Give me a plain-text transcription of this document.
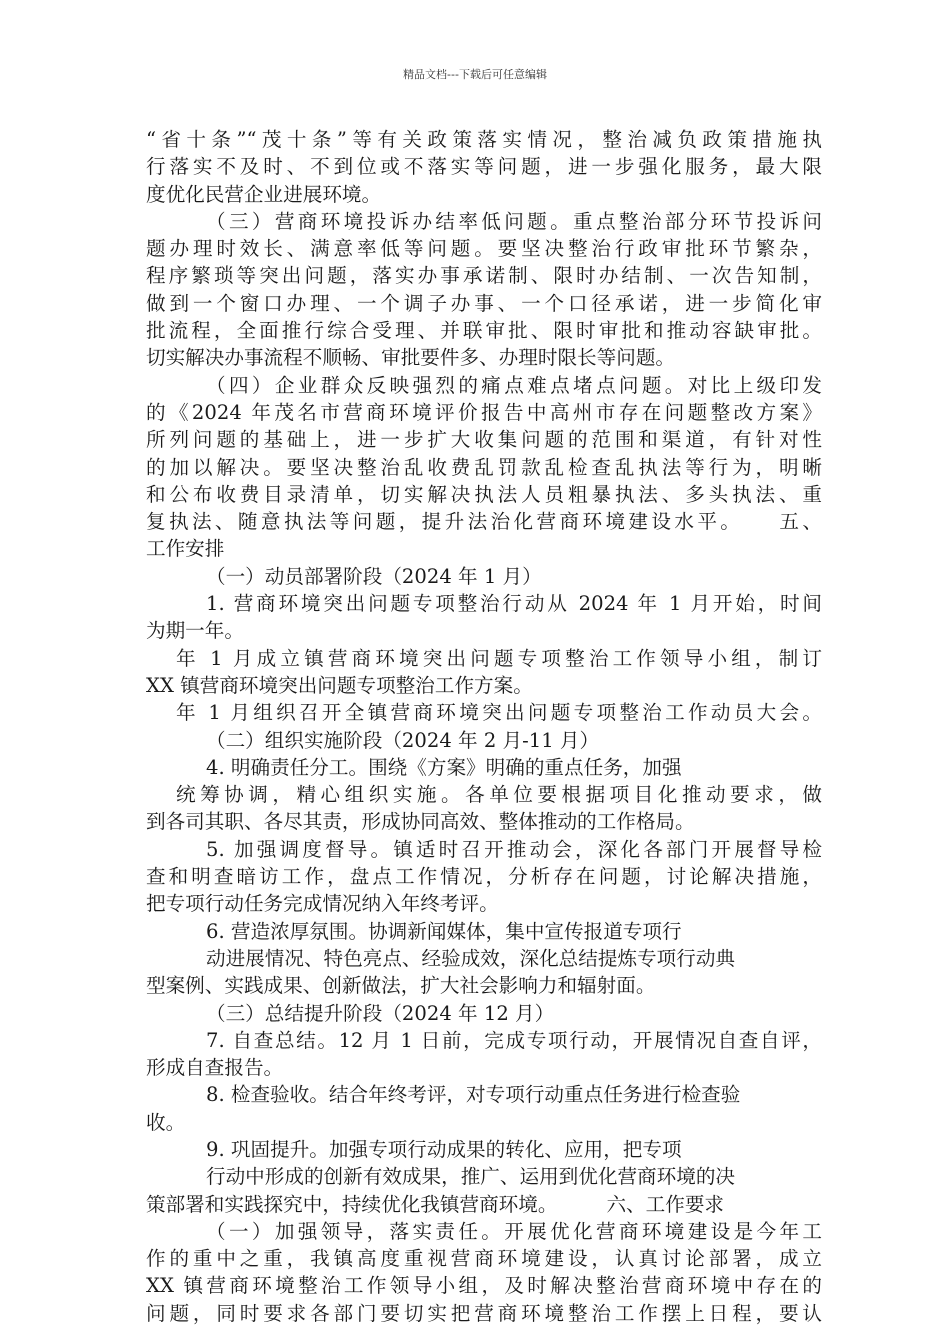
精品文档---下载后可任意编辑
“省十条”“茂十条”等有关政策落实情况，整治减负政策措施执
行落实不及时、不到位或不落实等问题，进一步强化服务，最大限
度优化民营企业进展环境。
（三）营商环境投诉办结率低问题。重点整治部分环节投诉问
题办理时效长、满意率低等问题。要坚决整治行政审批环节繁杂，
程序繁琐等突出问题，落实办事承诺制、限时办结制、一次告知制，
做到一个窗口办理、一个调子办事、一个口径承诺，进一步简化审
批流程，全面推行综合受理、并联审批、限时审批和推动容缺审批。
切实解决办事流程不顺畅、审批要件多、办理时限长等问题。
（四）企业群众反映强烈的痛点难点堵点问题。对比上级印发
的《2024 年茂名市营商环境评价报告中高州市存在问题整改方案》
所列问题的基础上，进一步扩大收集问题的范围和渠道，有针对性
的加以解决。要坚决整治乱收费乱罚款乱检查乱执法等行为，明晰
和公布收费目录清单，切实解决执法人员粗暴执法、多头执法、重
复执法、随意执法等问题，提升法治化营商环境建设水平。　　五、
工作安排
（一）动员部署阶段（2024 年 1 月）
1. 营商环境突出问题专项整治行动从 2024 年 1 月开始，时间
为期一年。
年 1 月成立镇营商环境突出问题专项整治工作领导小组，制订
XX 镇营商环境突出问题专项整治工作方案。
年 1 月组织召开全镇营商环境突出问题专项整治工作动员大会。
（二）组织实施阶段（2024 年 2 月-11 月）
4. 明确责任分工。围绕《方案》明确的重点任务，加强
统筹协调，精心组织实施。各单位要根据项目化推动要求，做
到各司其职、各尽其责，形成协同高效、整体推动的工作格局。
5. 加强调度督导。镇适时召开推动会，深化各部门开展督导检
查和明查暗访工作，盘点工作情况，分析存在问题，讨论解决措施，
把专项行动任务完成情况纳入年终考评。
6. 营造浓厚氛围。协调新闻媒体，集中宣传报道专项行
动进展情况、特色亮点、经验成效，深化总结提炼专项行动典
型案例、实践成果、创新做法，扩大社会影响力和辐射面。
（三）总结提升阶段（2024 年 12 月）
7. 自查总结。12 月 1 日前，完成专项行动，开展情况自查自评，
形成自查报告。
8. 检查验收。结合年终考评，对专项行动重点任务进行检查验
收。
9. 巩固提升。加强专项行动成果的转化、应用，把专项
行动中形成的创新有效成果，推广、运用到优化营商环境的决
策部署和实践探究中，持续优化我镇营商环境。　　　六、工作要求
（一）加强领导，落实责任。开展优化营商环境建设是今年工
作的重中之重，我镇高度重视营商环境建设，认真讨论部署，成立
XX 镇营商环境整治工作领导小组，及时解决整治营商环境中存在的
问题，同时要求各部门要切实把营商环境整治工作摆上日程，要认
